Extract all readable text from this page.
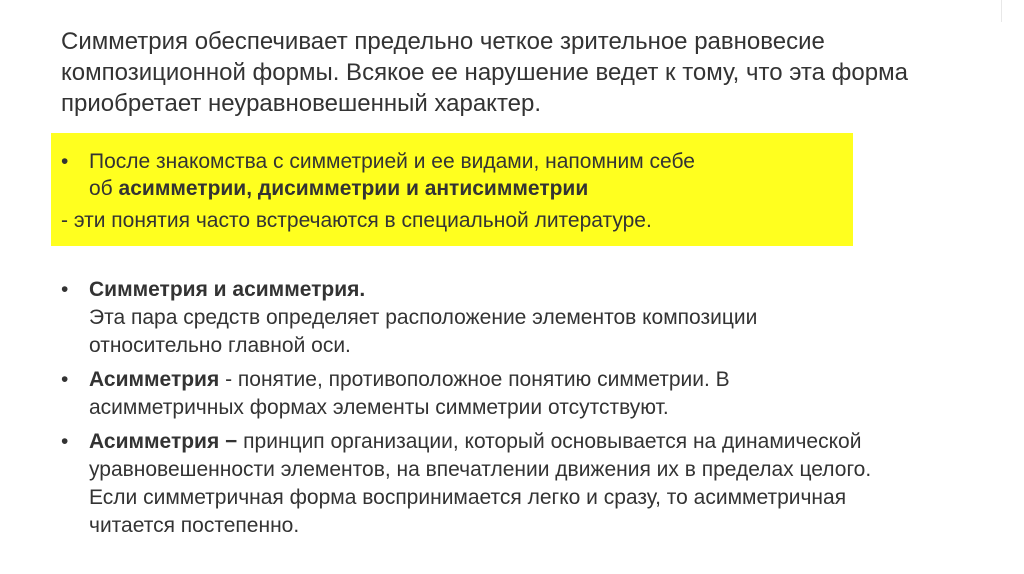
Симметрия обеспечивает предельно четкое зрительное равновесие
композиционной формы. Всякое ее нарушение ведет к тому, что эта форма
приобретает неуравновешенный характер.
• После знакомства с симметрией и ее видами, напомним себе
об асимметрии, дисимметрии и антисимметрии
- эти понятия часто встречаются в специальной литературе.
• Симметрия и асимметрия.
Эта пара средств определяет расположение элементов композиции
относительно главной оси.
• Асимметрия - понятие, противоположное понятию симметрии. В
асимметричных формах элементы симметрии отсутствуют.
• Асимметрия − принцип организации, который основывается на динамической
уравновешенности элементов, на впечатлении движения их в пределах целого.
Если симметричная форма воспринимается легко и сразу, то асимметричная
читается постепенно.
